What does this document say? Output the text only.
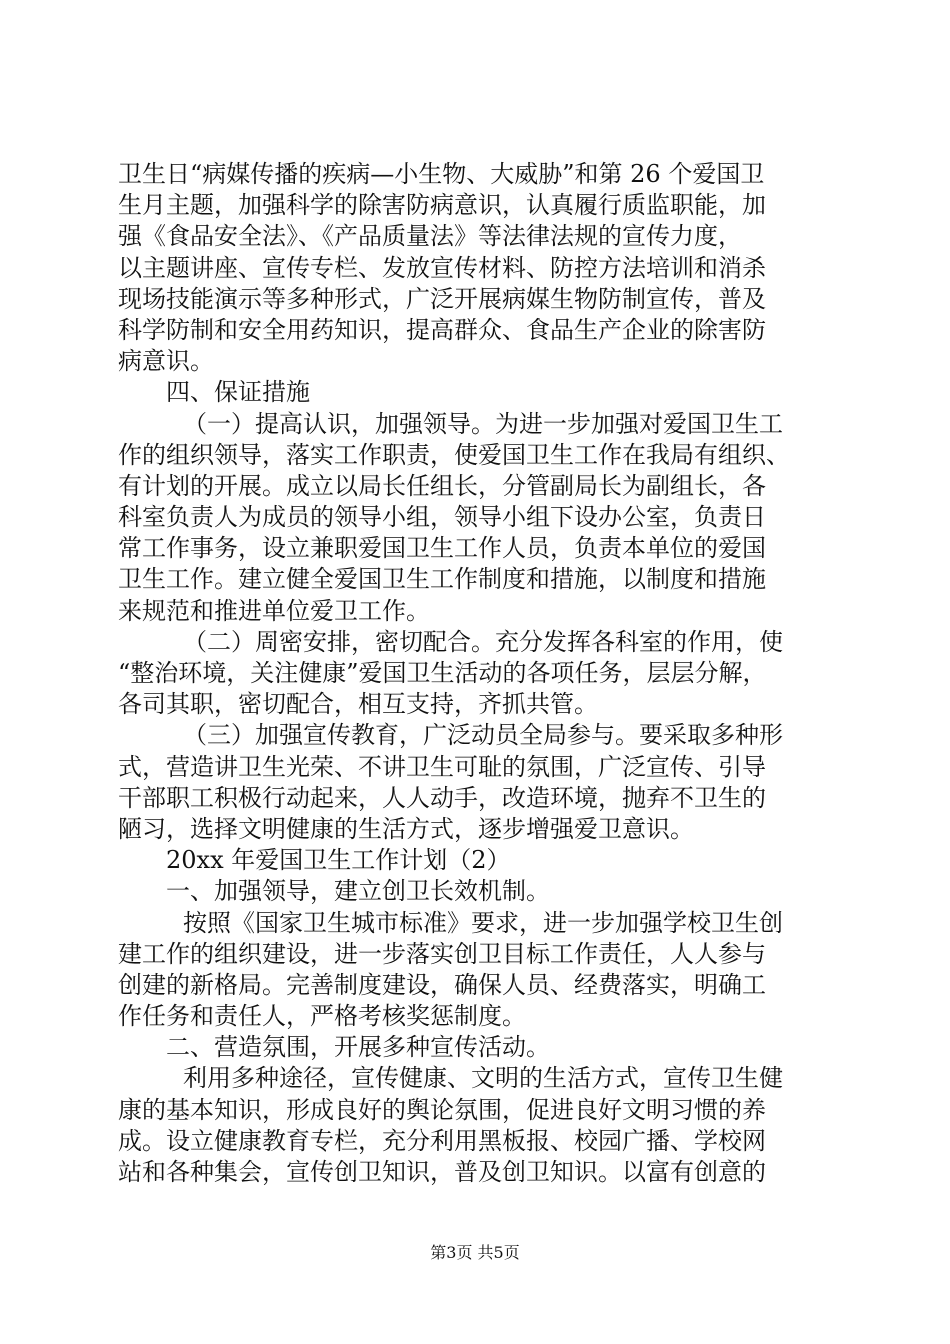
卫生日“病媒传播的疾病—小生物、大威胁”和第 26 个爱国卫
生月主题，加强科学的除害防病意识，认真履行质监职能，加
强《食品安全法》、《产品质量法》等法律法规的宣传力度，
以主题讲座、宣传专栏、发放宣传材料、防控方法培训和消杀
现场技能演示等多种形式，广泛开展病媒生物防制宣传，普及
科学防制和安全用药知识，提高群众、食品生产企业的除害防
病意识。
四、保证措施
（一）提高认识，加强领导。为进一步加强对爱国卫生工
作的组织领导，落实工作职责，使爱国卫生工作在我局有组织、
有计划的开展。成立以局长任组长，分管副局长为副组长，各
科室负责人为成员的领导小组，领导小组下设办公室，负责日
常工作事务，设立兼职爱国卫生工作人员，负责本单位的爱国
卫生工作。建立健全爱国卫生工作制度和措施，以制度和措施
来规范和推进单位爱卫工作。
（二）周密安排，密切配合。充分发挥各科室的作用，使
“整治环境，关注健康”爱国卫生活动的各项任务，层层分解，
各司其职，密切配合，相互支持，齐抓共管。
（三）加强宣传教育，广泛动员全局参与。要采取多种形
式，营造讲卫生光荣、不讲卫生可耻的氛围，广泛宣传、引导
干部职工积极行动起来，人人动手，改造环境，抛弃不卫生的
陋习，选择文明健康的生活方式，逐步增强爱卫意识。
20xx 年爱国卫生工作计划（2）
一、加强领导，建立创卫长效机制。
按照《国家卫生城市标准》要求，进一步加强学校卫生创
建工作的组织建设，进一步落实创卫目标工作责任，人人参与
创建的新格局。完善制度建设，确保人员、经费落实，明确工
作任务和责任人，严格考核奖惩制度。
二、营造氛围，开展多种宣传活动。
利用多种途径，宣传健康、文明的生活方式，宣传卫生健
康的基本知识，形成良好的舆论氛围，促进良好文明习惯的养
成。设立健康教育专栏，充分利用黑板报、校园广播、学校网
站和各种集会，宣传创卫知识，普及创卫知识。以富有创意的
第3页 共5页
